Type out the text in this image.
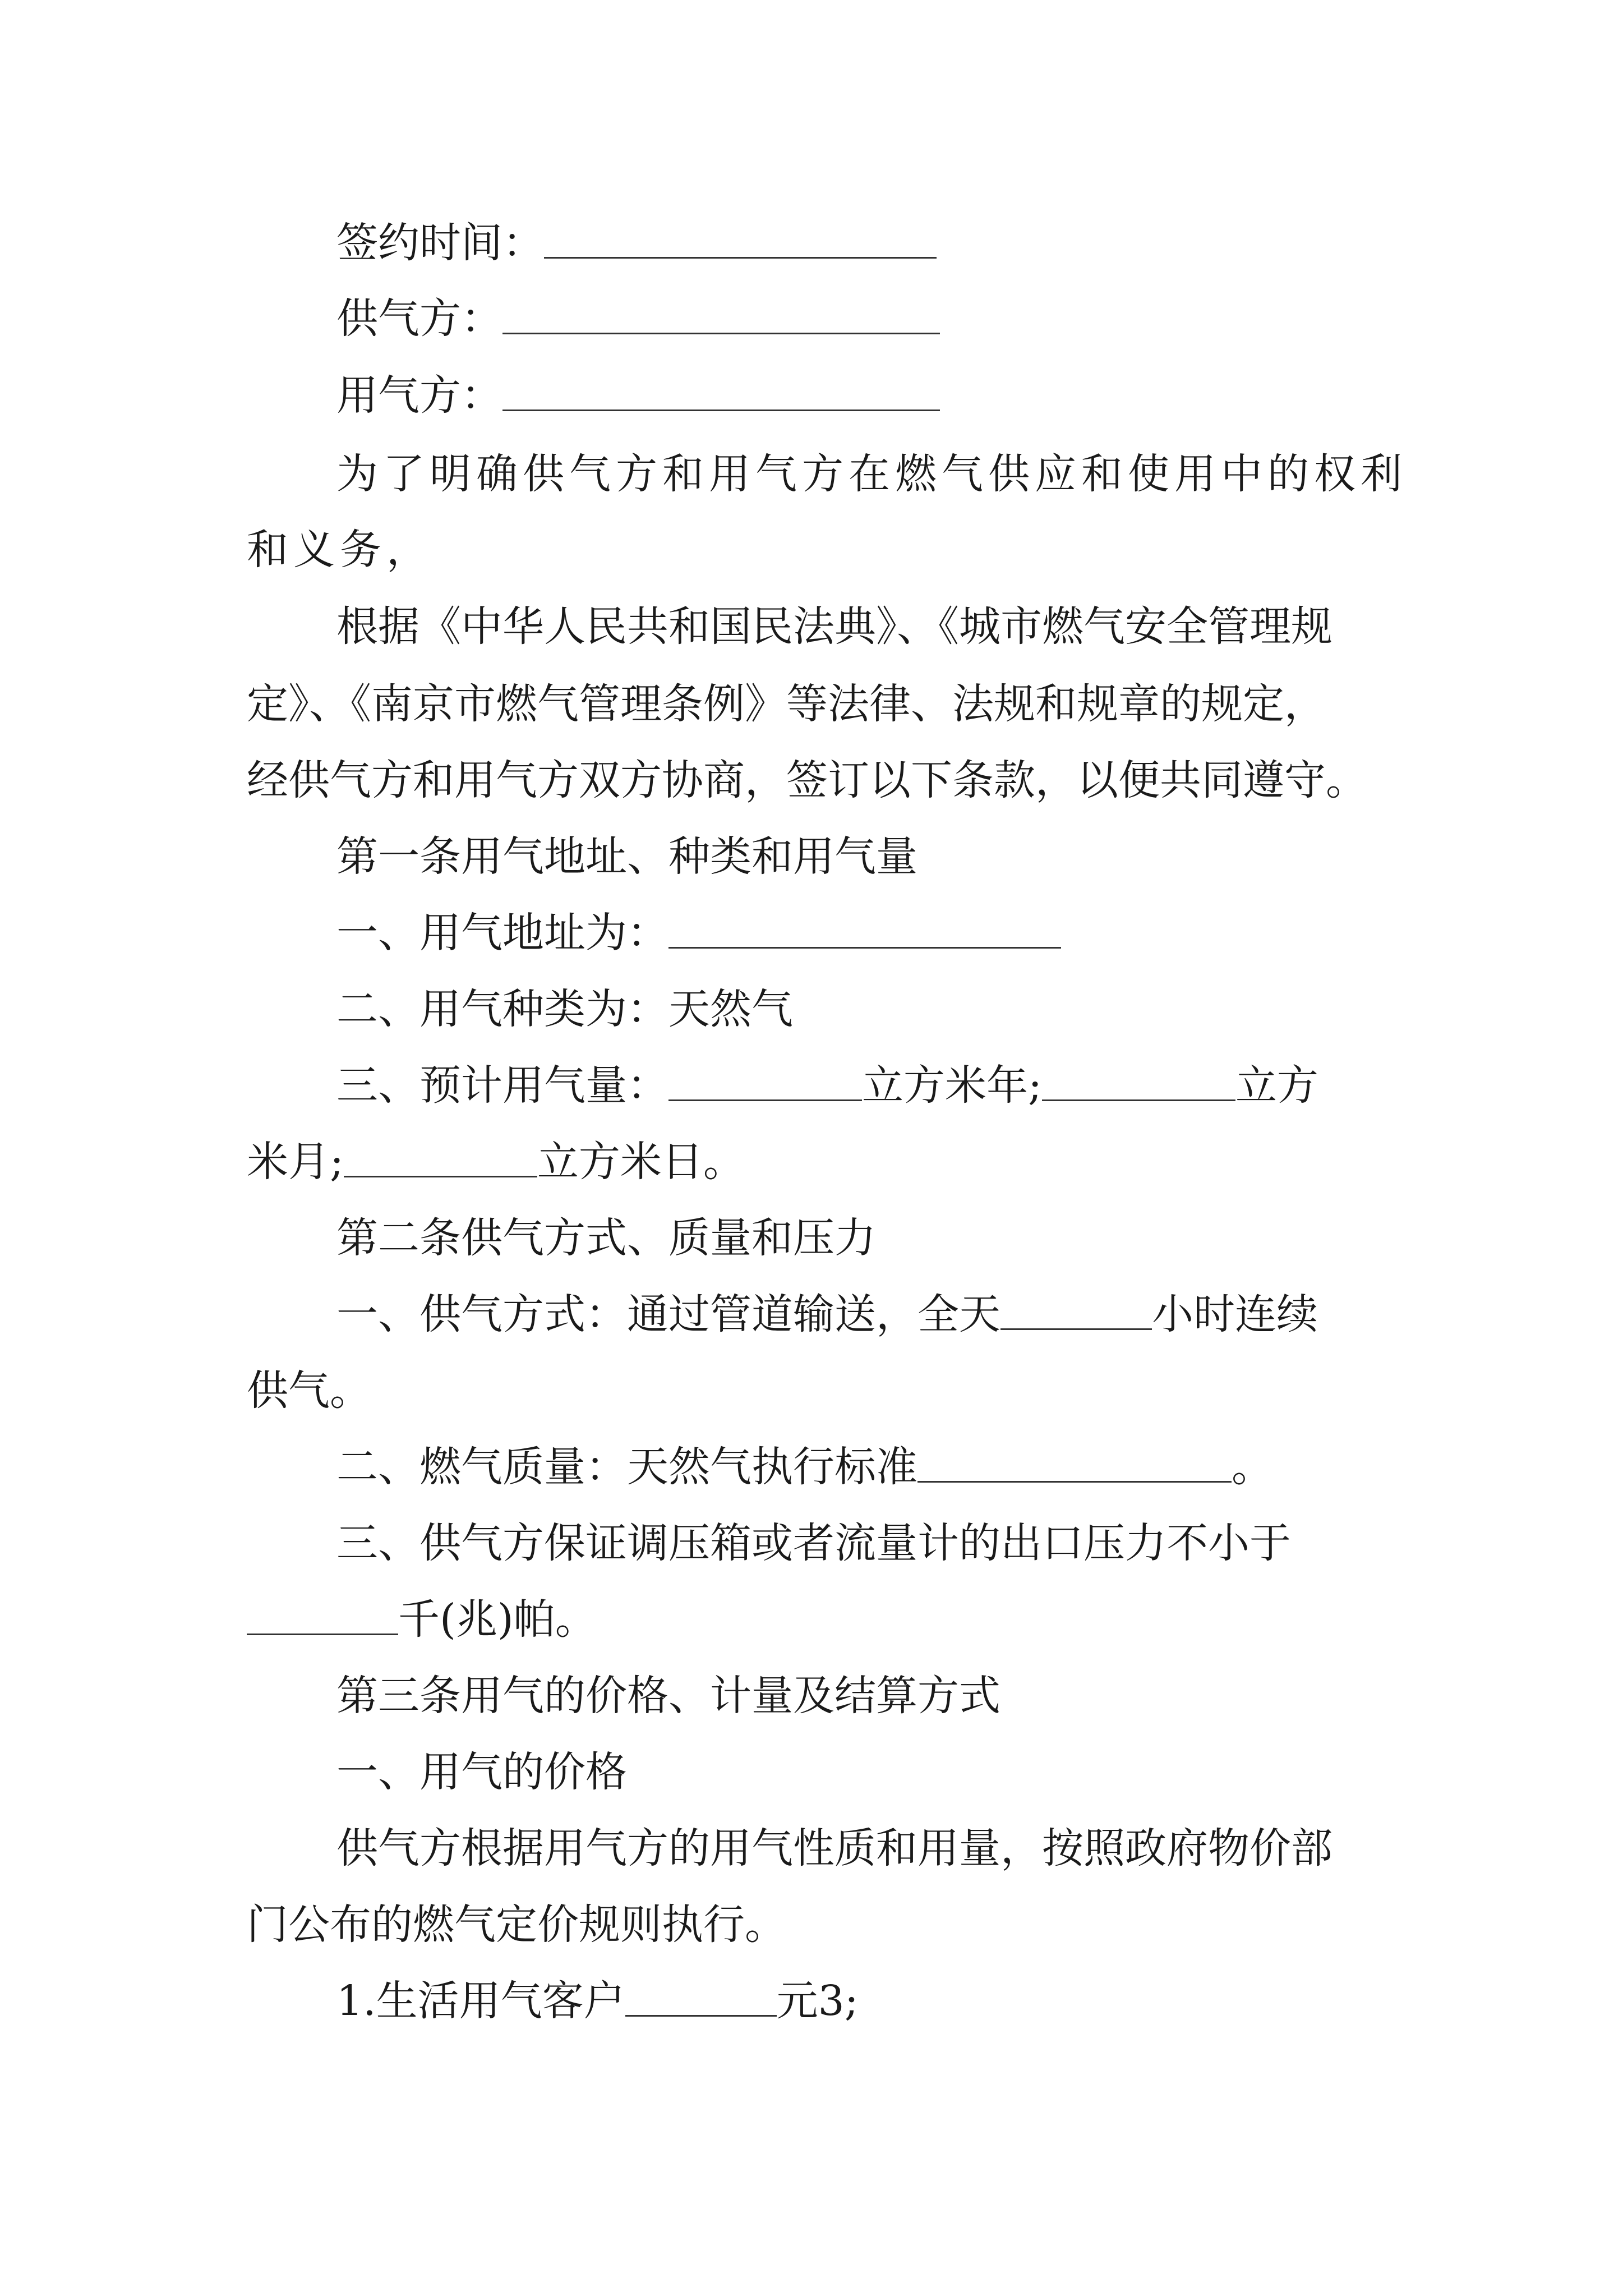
签约时间：
供气方：
用气方：
为了明确供气方和用气方在燃气供应和使用中的权利
和义务，
根据《中华人民共和国民法典》、《城市燃气安全管理规
定》、《南京市燃气管理条例》等法律、法规和规章的规定，
经供气方和用气方双方协商，签订以下条款，以便共同遵守。
第一条用气地址、种类和用气量
一、用气地址为：
二、用气种类为：天然气
三、预计用气量：	立方米年;	立方
米月;	立方米日。
第二条供气方式、质量和压力
一、供气方式：通过管道输送，全天	小时连续
供气。
二、燃气质量：天然气执行标准	。
三、供气方保证调压箱或者流量计的出口压力不小于
千(兆)帕。
第三条用气的价格、计量及结算方式
一、用气的价格
供气方根据用气方的用气性质和用量，按照政府物价部
门公布的燃气定价规则执行。
1.生活用气客户	元3;
